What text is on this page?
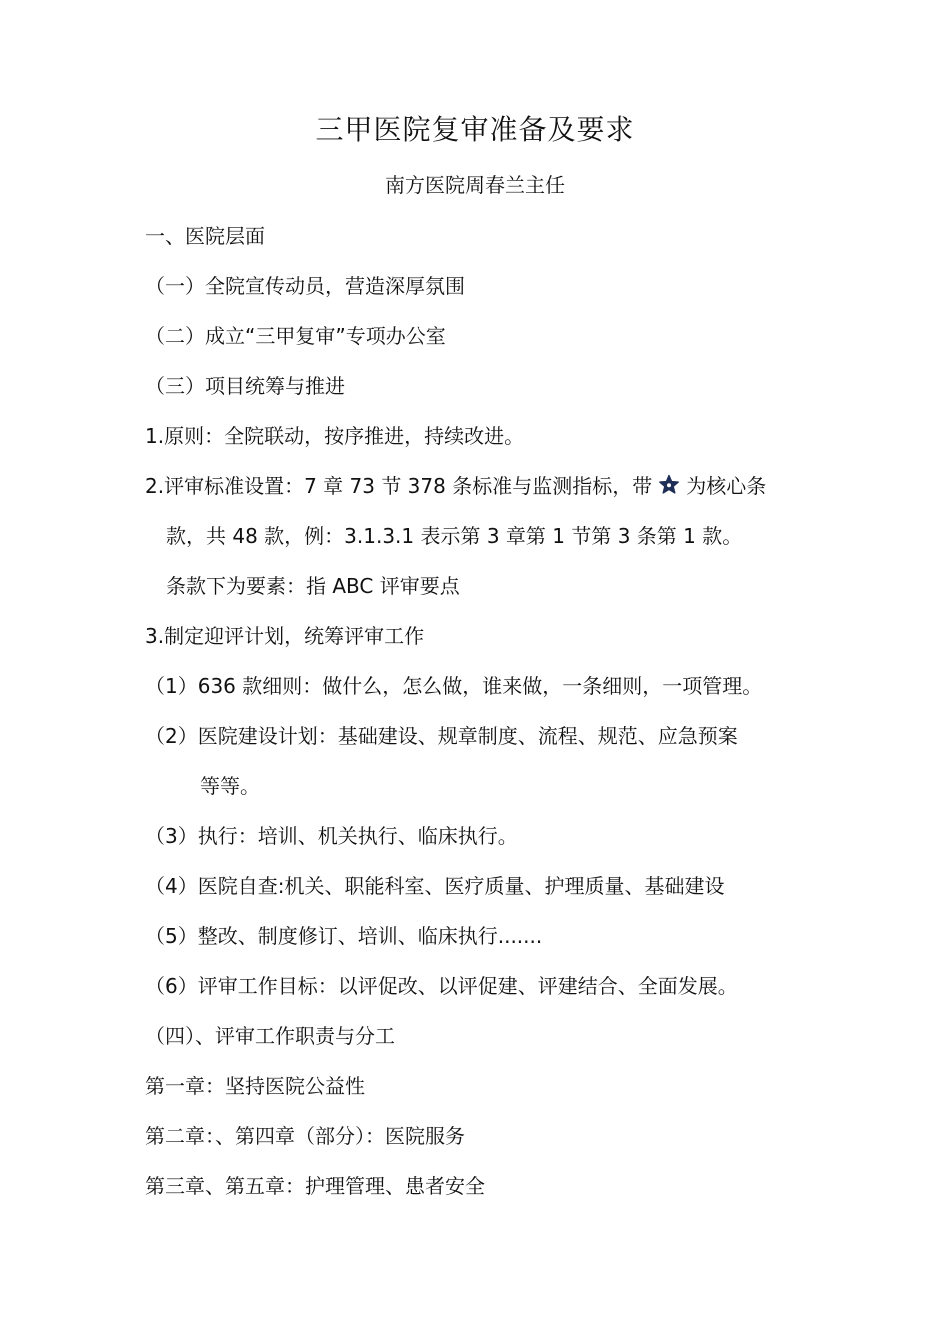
三甲医院复审准备及要求
南方医院周春兰主任
一、医院层面
（一）全院宣传动员，营造深厚氛围
（二）成立“三甲复审”专项办公室
（三）项目统筹与推进
1.原则：全院联动，按序推进，持续改进。
2.评审标准设置：7 章 73 节 378 条标准与监测指标，带 为核心条
款，共 48 款，例：3.1.3.1 表示第 3 章第 1 节第 3 条第 1 款。
条款下为要素：指 ABC 评审要点
3.制定迎评计划，统筹评审工作
（1）636 款细则：做什么，怎么做，谁来做，一条细则，一项管理。
（2）医院建设计划：基础建设、规章制度、流程、规范、应急预案
等等。
（3）执行：培训、机关执行、临床执行。
（4）医院自查:机关、职能科室、医疗质量、护理质量、基础建设
（5）整改、制度修订、培训、临床执行.......
（6）评审工作目标：以评促改、以评促建、评建结合、全面发展。
（四）、评审工作职责与分工
第一章：坚持医院公益性
第二章：、第四章（部分）：医院服务
第三章、第五章：护理管理、患者安全
